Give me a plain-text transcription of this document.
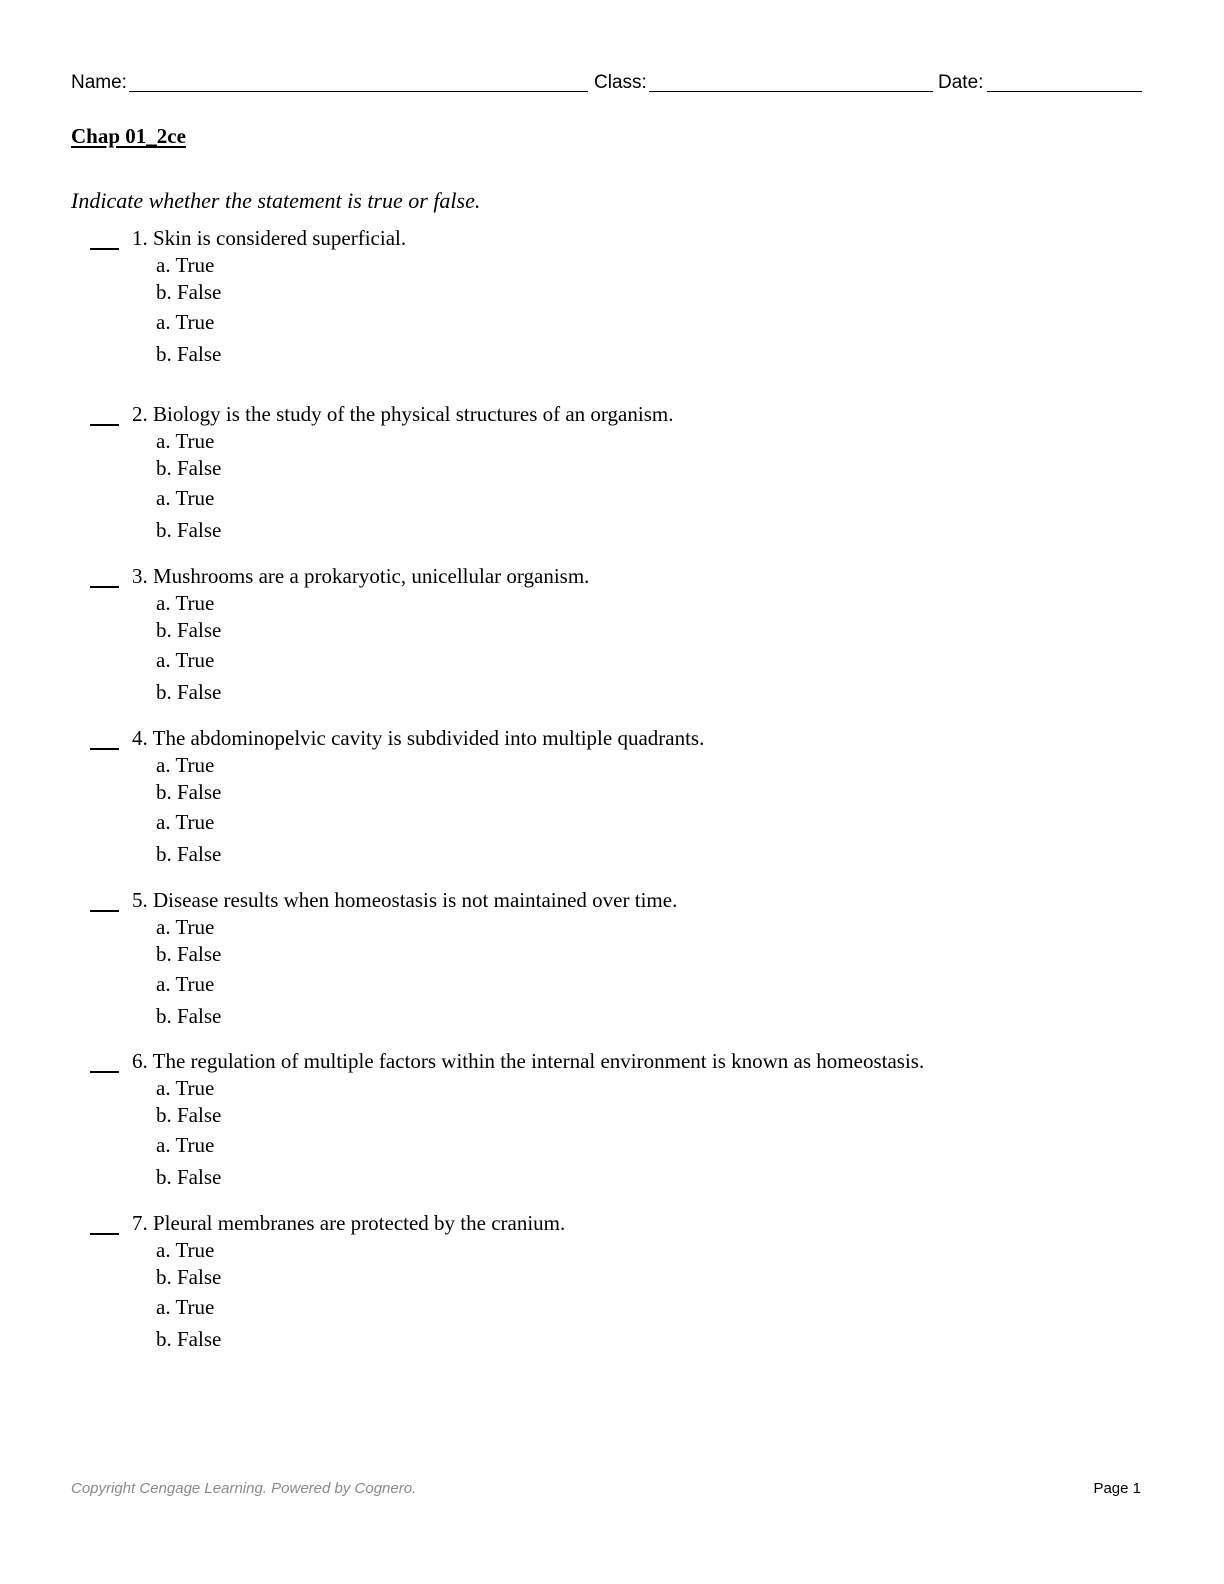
Name:	Class:	Date:
Chap 01_2ce
Indicate whether the statement is true or false.
1. Skin is considered superficial.
a. True
b. False
a. True
b. False
2. Biology is the study of the physical structures of an organism.
a. True
b. False
a. True
b. False
3. Mushrooms are a prokaryotic, unicellular organism.
a. True
b. False
a. True
b. False
4. The abdominopelvic cavity is subdivided into multiple quadrants.
a. True
b. False
a. True
b. False
5. Disease results when homeostasis is not maintained over time.
a. True
b. False
a. True
b. False
6. The regulation of multiple factors within the internal environment is known as homeostasis.
a. True
b. False
a. True
b. False
7. Pleural membranes are protected by the cranium.
a. True
b. False
a. True
b. False
Copyright Cengage Learning. Powered by Cognero.	Page 1
